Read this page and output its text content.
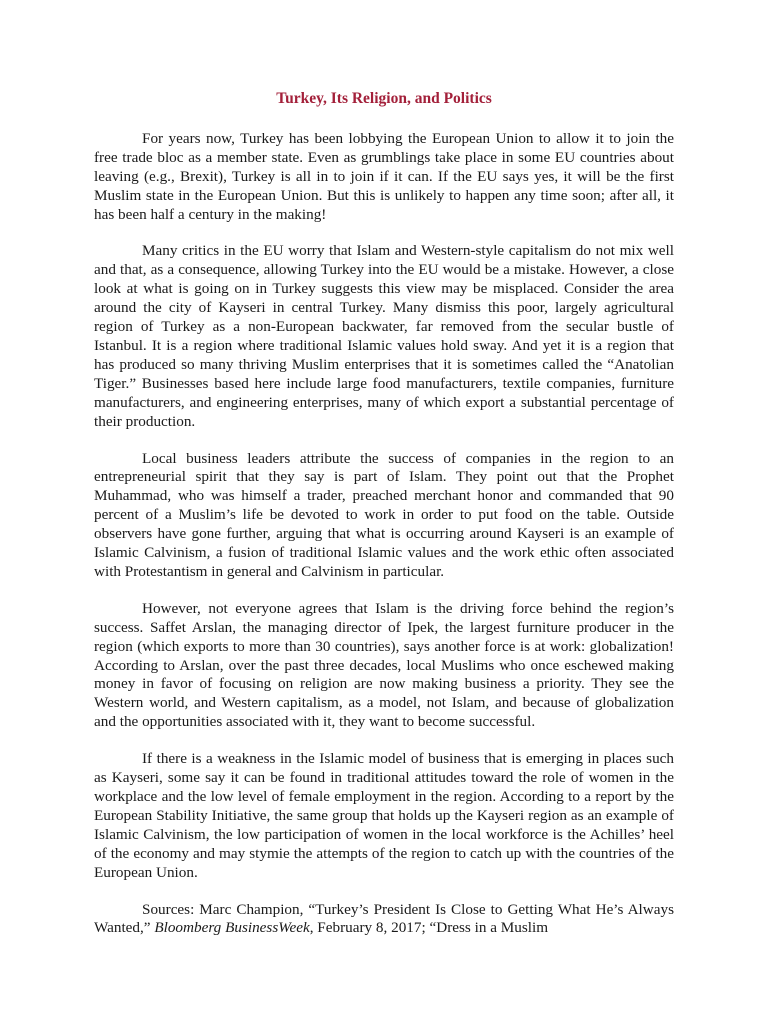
Turkey, Its Religion, and Politics

For years now, Turkey has been lobbying the European Union to allow it to join the free trade bloc as a member state. Even as grumblings take place in some EU countries about leaving (e.g., Brexit), Turkey is all in to join if it can. If the EU says yes, it will be the first Muslim state in the European Union. But this is unlikely to happen any time soon; after all, it has been half a century in the making!

Many critics in the EU worry that Islam and Western-style capitalism do not mix well and that, as a consequence, allowing Turkey into the EU would be a mistake. However, a close look at what is going on in Turkey suggests this view may be misplaced. Consider the area around the city of Kayseri in central Turkey. Many dismiss this poor, largely agricultural region of Turkey as a non-European backwater, far removed from the secular bustle of Istanbul. It is a region where traditional Islamic values hold sway. And yet it is a region that has produced so many thriving Muslim enterprises that it is sometimes called the “Anatolian Tiger.” Businesses based here include large food manufacturers, textile companies, furniture manufacturers, and engineering enterprises, many of which export a substantial percentage of their production.

Local business leaders attribute the success of companies in the region to an entrepreneurial spirit that they say is part of Islam. They point out that the Prophet Muhammad, who was himself a trader, preached merchant honor and commanded that 90 percent of a Muslim’s life be devoted to work in order to put food on the table. Outside observers have gone further, arguing that what is occurring around Kayseri is an example of Islamic Calvinism, a fusion of traditional Islamic values and the work ethic often associated with Protestantism in general and Calvinism in particular.

However, not everyone agrees that Islam is the driving force behind the region’s success. Saffet Arslan, the managing director of Ipek, the largest furniture producer in the region (which exports to more than 30 countries), says another force is at work: globalization! According to Arslan, over the past three decades, local Muslims who once eschewed making money in favor of focusing on religion are now making business a priority. They see the Western world, and Western capitalism, as a model, not Islam, and because of globalization and the opportunities associated with it, they want to become successful.

If there is a weakness in the Islamic model of business that is emerging in places such as Kayseri, some say it can be found in traditional attitudes toward the role of women in the workplace and the low level of female employment in the region. According to a report by the European Stability Initiative, the same group that holds up the Kayseri region as an example of Islamic Calvinism, the low participation of women in the local workforce is the Achilles’ heel of the economy and may stymie the attempts of the region to catch up with the countries of the European Union.

Sources: Marc Champion, “Turkey’s President Is Close to Getting What He’s Always Wanted,” Bloomberg BusinessWeek, February 8, 2017; “Dress in a Muslim
